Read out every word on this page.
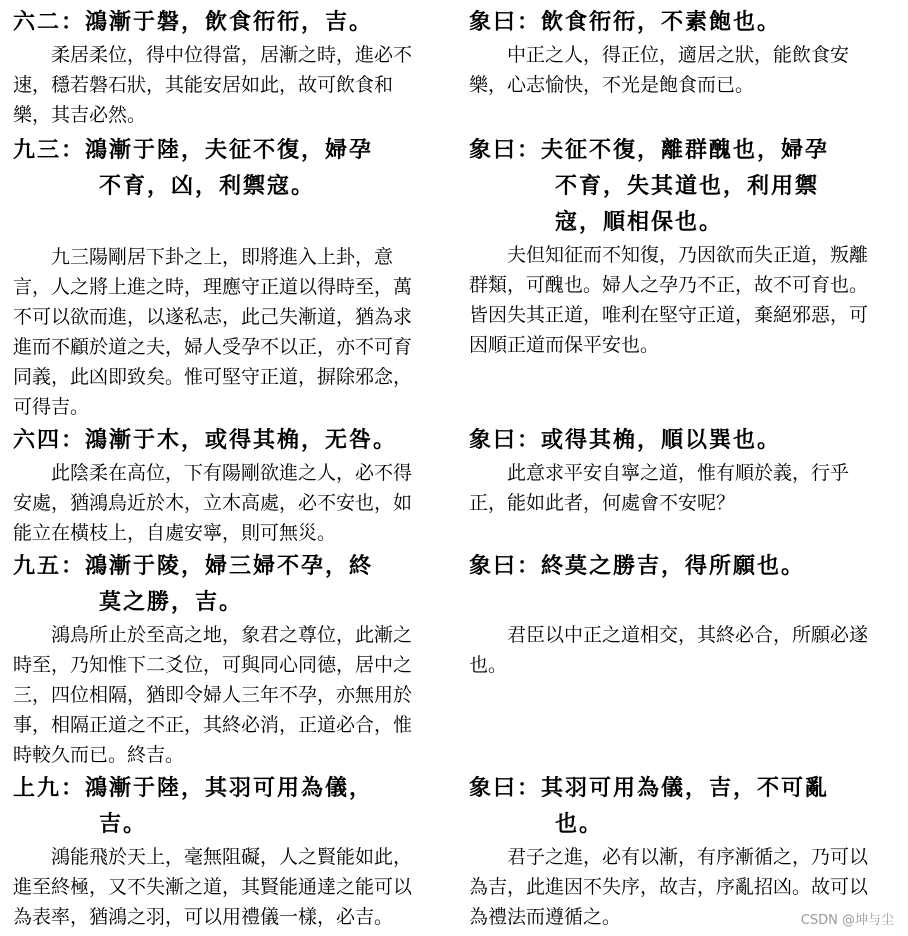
六二：鴻漸于磐，飲食衎衎，吉。

柔居柔位，得中位得當，居漸之時，進必不速，穩若磐石狀，其能安居如此，故可飲食和樂，其吉必然。

象曰：飲食衎衎，不素飽也。

中正之人，得正位，適居之狀，能飲食安樂，心志愉快，不光是飽食而已。

九三：鴻漸于陸，夫征不復，婦孕

不育，凶，利禦寇。

九三陽剛居下卦之上，即將進入上卦，意言，人之將上進之時，理應守正道以得時至，萬不可以欲而進，以遂私志，此己失漸道，猶為求進而不顧於道之夫，婦人受孕不以正，亦不可育同義，此凶即致矣。惟可堅守正道，摒除邪念，可得吉。

象曰：夫征不復，離群醜也，婦孕

不育，失其道也，利用禦

寇，順相保也。

夫但知征而不知復，乃因欲而失正道，叛離群類，可醜也。婦人之孕乃不正，故不可育也。皆因失其正道，唯利在堅守正道，棄絕邪惡，可因順正道而保平安也。

六四：鴻漸于木，或得其桷，无咎。

此陰柔在高位，下有陽剛欲進之人，必不得安處，猶鴻鳥近於木，立木高處，必不安也，如能立在橫枝上，自處安寧，則可無災。

象曰：或得其桷，順以巽也。

此意求平安自寧之道，惟有順於義，行乎正，能如此者，何處會不安呢？

九五：鴻漸于陵，婦三婦不孕，終

莫之勝，吉。

鴻鳥所止於至高之地，象君之尊位，此漸之時至，乃知惟下二爻位，可與同心同德，居中之三，四位相隔，猶即令婦人三年不孕，亦無用於事，相隔正道之不正，其終必消，正道必合，惟時較久而已。終吉。

象曰：終莫之勝吉，得所願也。

君臣以中正之道相交，其終必合，所願必遂也。

上九：鴻漸于陸，其羽可用為儀，

吉。

鴻能飛於天上，毫無阻礙，人之賢能如此，進至終極，又不失漸之道，其賢能通達之能可以為表率，猶鴻之羽，可以用禮儀一樣，必吉。

象曰：其羽可用為儀，吉，不可亂

也。

君子之進，必有以漸，有序漸循之，乃可以為吉，此進因不失序，故吉，序亂招凶。故可以為禮法而遵循之。	CSDN @坤与尘
